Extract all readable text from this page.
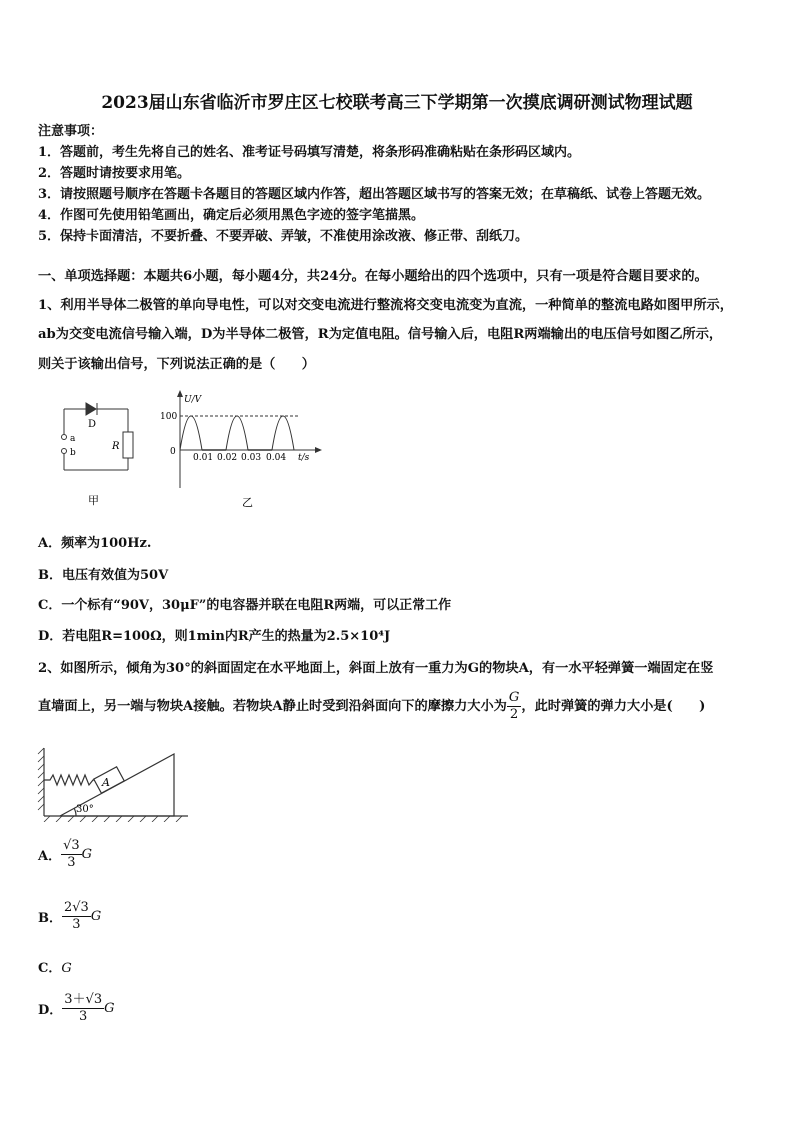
2023届山东省临沂市罗庄区七校联考高三下学期第一次摸底调研测试物理试题
注意事项：
1．答题前，考生先将自己的姓名、准考证号码填写清楚，将条形码准确粘贴在条形码区域内。
2．答题时请按要求用笔。
3．请按照题号顺序在答题卡各题目的答题区域内作答，超出答题区域书写的答案无效；在草稿纸、试卷上答题无效。
4．作图可先使用铅笔画出，确定后必须用黑色字迹的签字笔描黑。
5．保持卡面清洁，不要折叠、不要弄破、弄皱，不准使用涂改液、修正带、刮纸刀。
一、单项选择题：本题共6小题，每小题4分，共24分。在每小题给出的四个选项中，只有一项是符合题目要求的。
1、利用半导体二极管的单向导电性，可以对交变电流进行整流将交变电流变为直流，一种简单的整流电路如图甲所示，
ab为交变电流信号输入端，D为半导体二极管，R为定值电阻。信号输入后，电阻R两端输出的电压信号如图乙所示，
则关于该输出信号，下列说法正确的是（　　）
D
a
b
R
甲
U/V
100
0
0.01 0.02 0.03 0.04 t/s
乙
A．频率为100Hz.
B．电压有效值为50V
C．一个标有“90V，30μF”的电容器并联在电阻R两端，可以正常工作
D．若电阻R=100Ω，则1min内R产生的热量为2.5×10⁴J
2、如图所示，倾角为30°的斜面固定在水平地面上，斜面上放有一重力为G的物块A，有一水平轻弹簧一端固定在竖
直墙面上，另一端与物块A接触。若物块A静止时受到沿斜面向下的摩擦力大小为 $\frac{G}{2}$ ，此时弹簧的弹力大小是(　　)
A
30°
A． $\frac{√3}{3}$ G
B． $\frac{2√3}{3}$ G
C．G
D． $\frac{3+√3}{3}$ G
